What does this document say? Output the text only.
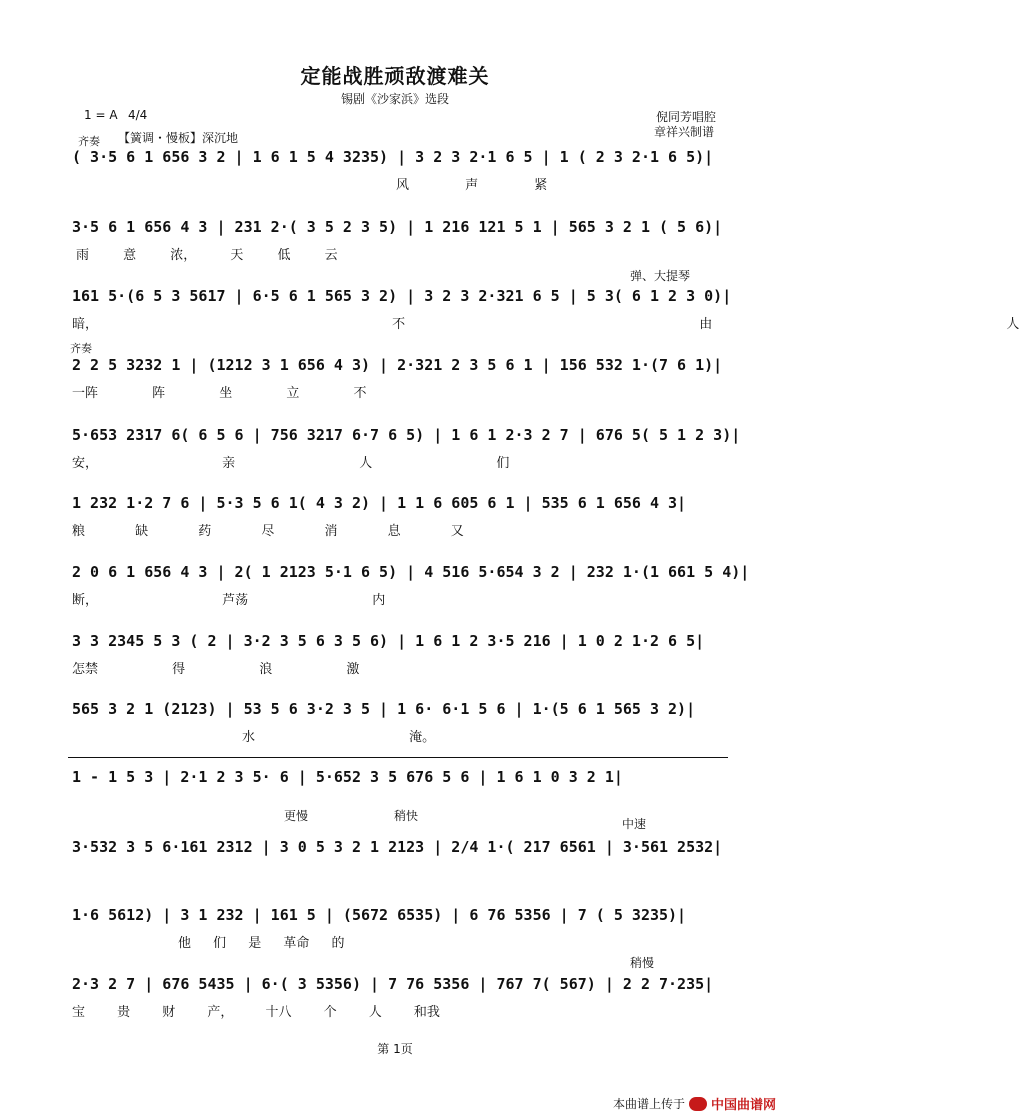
定能战胜顽敌渡难关
锡剧《沙家浜》选段
1 = A 4/4	倪同芳唱腔
章祥兴制谱
齐奏 【簧调・慢板】深沉地
弹、大提琴
齐奏
更慢	稍快
中速
稍慢
( 3·5 6 1 656 3 2 | 1 6 1 5 4 3235) | 3 2 3 2·1 6 5 | 1 ( 2 3 2·1 6 5)|
风 声 紧
3·5 6 1 656 4 3 | 231 2·( 3 5 2 3 5) | 1 216 121 5 1 | 565 3 2 1 ( 5 6)|
雨 意 浓， 天 低 云
161 5·(6 5 3 5617 | 6·5 6 1 565 3 2) | 3 2 3 2·321 6 5 | 5 3( 6 1 2 3 0)|
暗， 不 由 人
2 2 5 3232 1 | (1212 3 1 656 4 3) | 2·321 2 3 5 6 1 | 156 532 1·(7 6 1)|
一阵 阵 坐 立 不
5·653 2317 6( 6 5 6 | 756 3217 6·7 6 5) | 1 6 1 2·3 2 7 | 676 5( 5 1 2 3)|
安， 亲 人 们
1 232 1·2 7 6 | 5·3 5 6 1( 4 3 2) | 1 1 6 605 6 1 | 535 6 1 656 4 3|
粮 缺 药 尽 消 息 又
2 0 6 1 656 4 3 | 2( 1 2123 5·1 6 5) | 4 516 5·654 3 2 | 232 1·(1 661 5 4)|
断， 芦荡 内
3 3 2345 5 3 ( 2 | 3·2 3 5 6 3 5 6) | 1 6 1 2 3·5 216 | 1 0 2 1·2 6 5|
怎禁 得 浪 激
565 3 2 1 (2123) | 53 5 6 3·2 3 5 | 1 6· 6·1 5 6 | 1·(5 6 1 565 3 2)|
水 淹。
1 - 1 5 3 | 2·1 2 3 5· 6 | 5·652 3 5 676 5 6 | 1 6 1 0 3 2 1|
3·532 3 5 6·161 2312 | 3 0 5 3 2 1 2123 | 2/4 1·( 217 6561 | 3·561 2532|
1·6 5612) | 3 1 232 | 161 5 | (5672 6535) | 6 76 5356 | 7 ( 5 3235)|
他 们 是 革命 的
2·3 2 7 | 676 5435 | 6·( 3 5356) | 7 76 5356 | 767 7( 567) | 2 2 7·235|
宝 贵 财 产， 十八 个 人 和我
第 1页
本曲谱上传于 中国曲谱网
